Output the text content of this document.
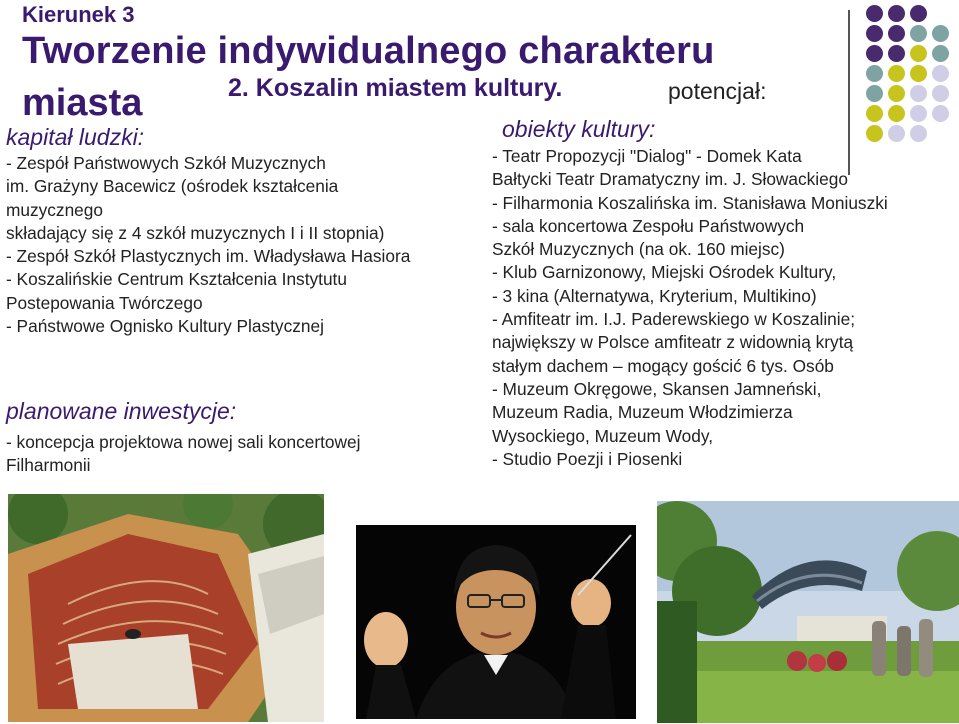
Kierunek 3
Tworzenie indywidualnego charakteru
miasta	2. Koszalin miastem kultury.	potencjał:
kapitał ludzki:
- Zespół Państwowych Szkół Muzycznych
im. Grażyny Bacewicz (ośrodek kształcenia
muzycznego
składający się z 4 szkół muzycznych I i II stopnia)
- Zespół Szkół Plastycznych im. Władysława Hasiora
- Koszalińskie Centrum Kształcenia Instytutu
Postepowania Twórczego
- Państwowe Ognisko Kultury Plastycznej
planowane inwestycje:
- koncepcja projektowa nowej sali koncertowej
Filharmonii
obiekty kultury:
- Teatr Propozycji "Dialog" - Domek Kata
Bałtycki Teatr Dramatyczny im. J. Słowackiego
- Filharmonia Koszalińska im. Stanisława Moniuszki
- sala koncertowa Zespołu Państwowych
Szkół Muzycznych (na ok. 160 miejsc)
- Klub Garnizonowy, Miejski Ośrodek Kultury,
- 3 kina (Alternatywa, Kryterium, Multikino)
- Amfiteatr im. I.J. Paderewskiego w Koszalinie;
największy w Polsce amfiteatr z widownią krytą
stałym dachem – mogący gościć 6 tys. Osób
- Muzeum Okręgowe, Skansen Jamneński,
Muzeum Radia, Muzeum Włodzimierza
Wysockiego, Muzeum Wody,
- Studio Poezji i Piosenki
